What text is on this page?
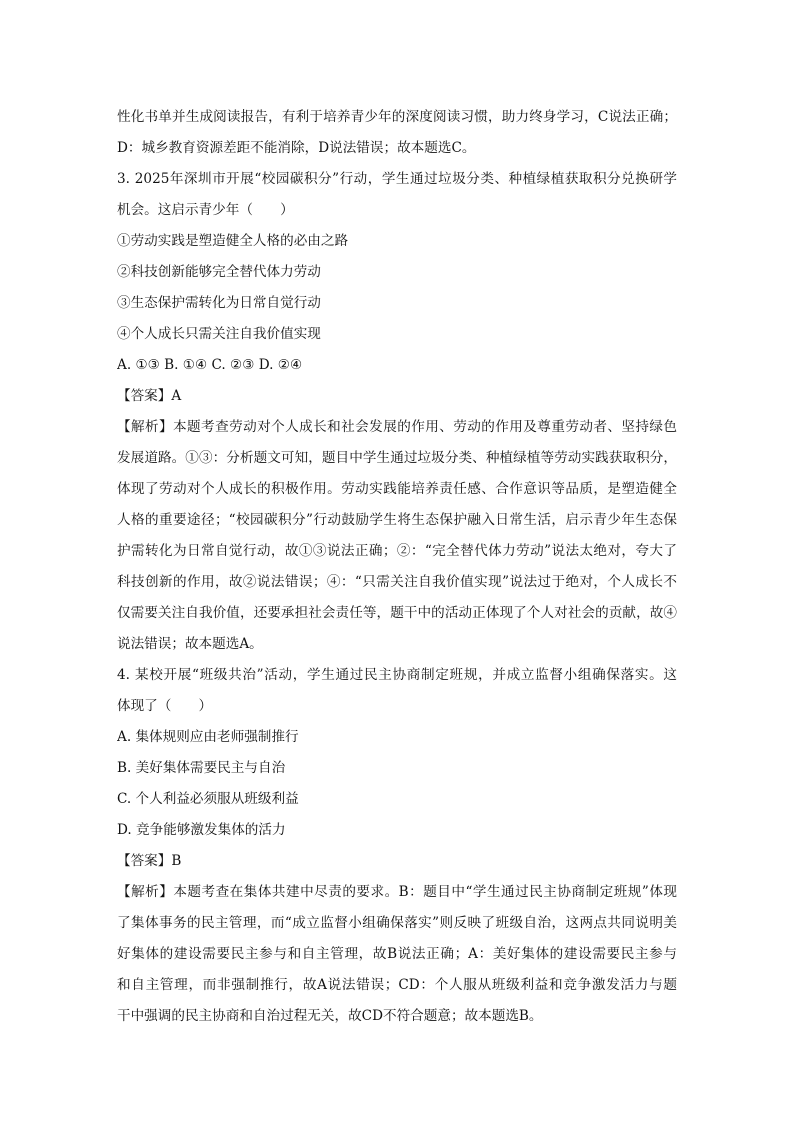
性化书单并生成阅读报告，有利于培养青少年的深度阅读习惯，助力终身学习，C说法正确；
D：城乡教育资源差距不能消除，D说法错误；故本题选C。
3. 2025年深圳市开展“校园碳积分”行动，学生通过垃圾分类、种植绿植获取积分兑换研学
机会。这启示青少年（　　）
①劳动实践是塑造健全人格的必由之路
②科技创新能够完全替代体力劳动
③生态保护需转化为日常自觉行动
④个人成长只需关注自我价值实现
A. ①③ B. ①④ C. ②③ D. ②④
【答案】A
【解析】本题考查劳动对个人成长和社会发展的作用、劳动的作用及尊重劳动者、坚持绿色
发展道路。①③：分析题文可知，题目中学生通过垃圾分类、种植绿植等劳动实践获取积分，
体现了劳动对个人成长的积极作用。劳动实践能培养责任感、合作意识等品质，是塑造健全
人格的重要途径；“校园碳积分”行动鼓励学生将生态保护融入日常生活，启示青少年生态保
护需转化为日常自觉行动，故①③说法正确；②：“完全替代体力劳动”说法太绝对，夸大了
科技创新的作用，故②说法错误；④：“只需关注自我价值实现”说法过于绝对，个人成长不
仅需要关注自我价值，还要承担社会责任等，题干中的活动正体现了个人对社会的贡献，故④
说法错误；故本题选A。
4. 某校开展“班级共治”活动，学生通过民主协商制定班规，并成立监督小组确保落实。这
体现了（　　）
A. 集体规则应由老师强制推行
B. 美好集体需要民主与自治
C. 个人利益必须服从班级利益
D. 竞争能够激发集体的活力
【答案】B
【解析】本题考查在集体共建中尽责的要求。B：题目中“学生通过民主协商制定班规”体现
了集体事务的民主管理，而“成立监督小组确保落实”则反映了班级自治，这两点共同说明美
好集体的建设需要民主参与和自主管理，故B说法正确；A：美好集体的建设需要民主参与
和自主管理，而非强制推行，故A说法错误；CD：个人服从班级利益和竞争激发活力与题
干中强调的民主协商和自治过程无关，故CD不符合题意；故本题选B。
